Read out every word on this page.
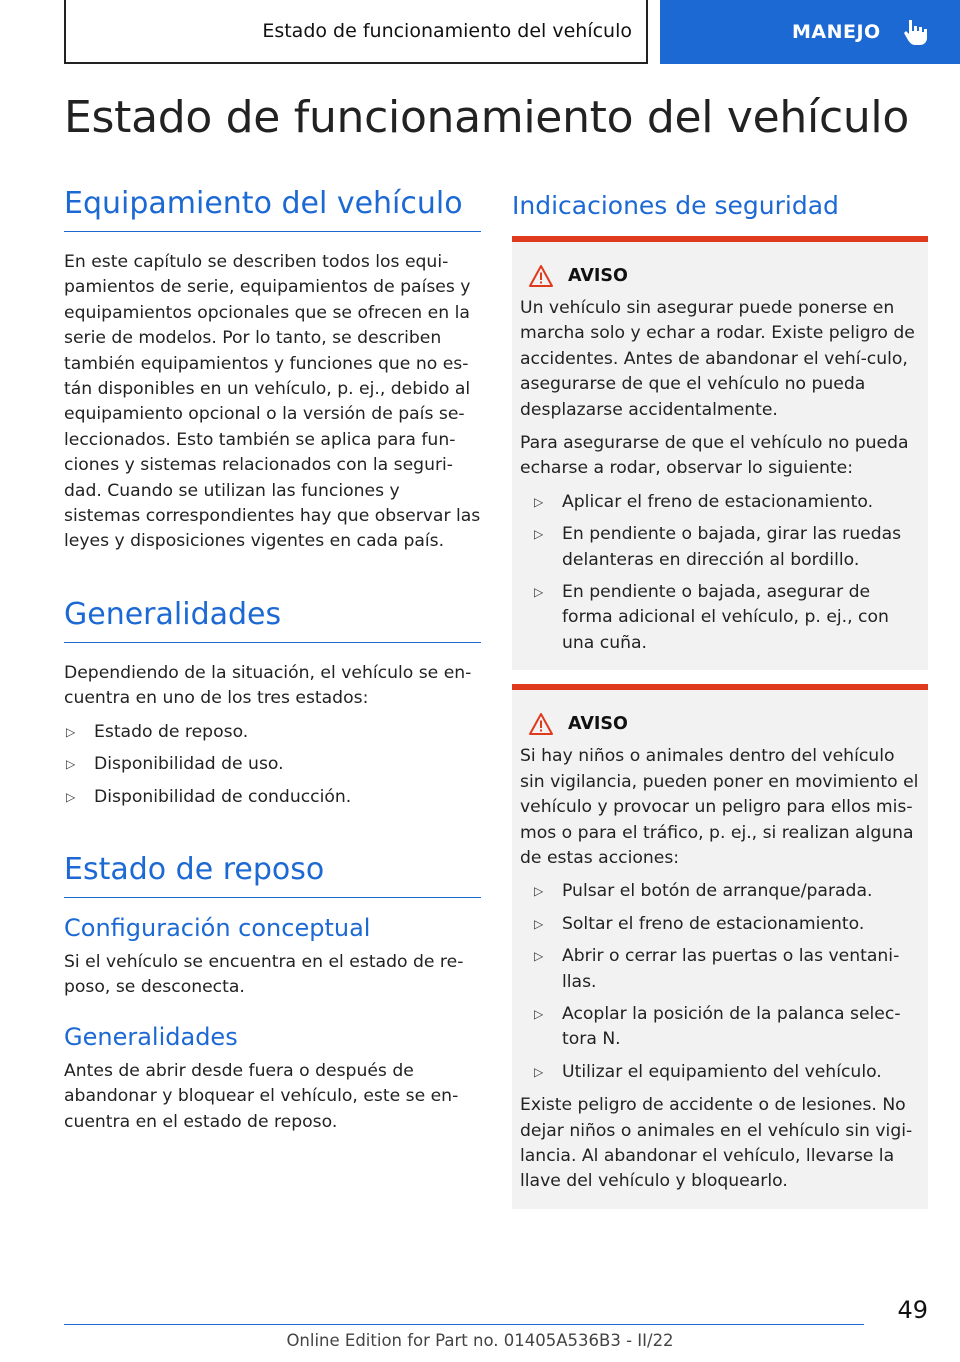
Estado de funcionamiento del vehículo	MANEJO
Estado de funcionamiento del vehículo
Equipamiento del vehículo

En este capítulo se describen todos los equi-pamientos de serie, equipamientos de países y equipamientos opcionales que se ofrecen en la serie de modelos. Por lo tanto, se describen también equipamientos y funciones que no es-tán disponibles en un vehículo, p. ej., debido al equipamiento opcional o la versión de país se-leccionados. Esto también se aplica para fun-ciones y sistemas relacionados con la seguri-dad. Cuando se utilizan las funciones y sistemas correspondientes hay que observar las leyes y disposiciones vigentes en cada país.

Generalidades

Dependiendo de la situación, el vehículo se en-cuentra en uno de los tres estados:

▷ Estado de reposo.
▷ Disponibilidad de uso.
▷ Disponibilidad de conducción.
Estado de reposo
Configuración conceptual

Si el vehículo se encuentra en el estado de re-poso, se desconecta.

Generalidades

Antes de abrir desde fuera o después de abandonar y bloquear el vehículo, este se en-cuentra en el estado de reposo.

Indicaciones de seguridad
AVISO

Un vehículo sin asegurar puede ponerse en marcha solo y echar a rodar. Existe peligro de accidentes. Antes de abandonar el vehí-culo, asegurarse de que el vehículo no pueda desplazarse accidentalmente.

Para asegurarse de que el vehículo no pueda echarse a rodar, observar lo siguiente:

▷ Aplicar el freno de estacionamiento.
▷ En pendiente o bajada, girar las ruedas delanteras en dirección al bordillo.
▷ En pendiente o bajada, asegurar de forma adicional el vehículo, p. ej., con una cuña.
AVISO

Si hay niños o animales dentro del vehículo sin vigilancia, pueden poner en movimiento el vehículo y provocar un peligro para ellos mis-mos o para el tráfico, p. ej., si realizan alguna de estas acciones:

▷ Pulsar el botón de arranque/parada.
▷ Soltar el freno de estacionamiento.
▷ Abrir o cerrar las puertas o las ventani-llas.
▷ Acoplar la posición de la palanca selec-tora N.
▷ Utilizar el equipamiento del vehículo.

Existe peligro de accidente o de lesiones. No dejar niños o animales en el vehículo sin vigi-lancia. Al abandonar el vehículo, llevarse la llave del vehículo y bloquearlo.

49
Online Edition for Part no. 01405A536B3 - II/22
